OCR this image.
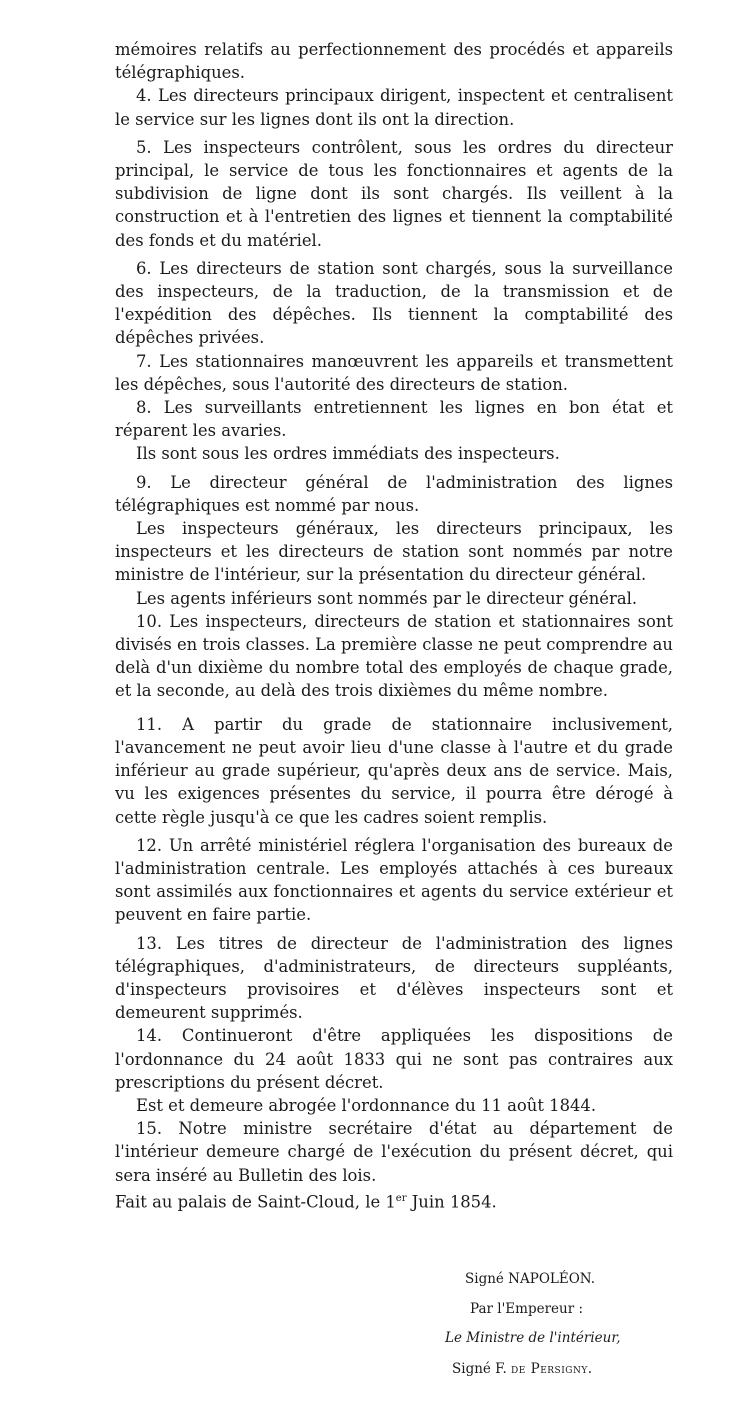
mémoires relatifs au perfectionnement des procédés et appareils télégraphiques.

4. Les directeurs principaux dirigent, inspectent et centralisent le service sur les lignes dont ils ont la direction.

5. Les inspecteurs contrôlent, sous les ordres du directeur principal, le service de tous les fonctionnaires et agents de la subdivision de ligne dont ils sont chargés. Ils veillent à la construction et à l'entretien des lignes et tiennent la comptabilité des fonds et du matériel.

6. Les directeurs de station sont chargés, sous la surveillance des inspecteurs, de la traduction, de la transmission et de l'expédition des dépêches. Ils tiennent la comptabilité des dépêches privées.

7. Les stationnaires manœuvrent les appareils et transmettent les dépêches, sous l'autorité des directeurs de station.

8. Les surveillants entretiennent les lignes en bon état et réparent les avaries.

Ils sont sous les ordres immédiats des inspecteurs.

9. Le directeur général de l'administration des lignes télégraphiques est nommé par nous.

Les inspecteurs généraux, les directeurs principaux, les inspecteurs et les directeurs de station sont nommés par notre ministre de l'intérieur, sur la présentation du directeur général.

Les agents inférieurs sont nommés par le directeur général.

10. Les inspecteurs, directeurs de station et stationnaires sont divisés en trois classes. La première classe ne peut comprendre au delà d'un dixième du nombre total des employés de chaque grade, et la seconde, au delà des trois dixièmes du même nombre.

11. A partir du grade de stationnaire inclusivement, l'avancement ne peut avoir lieu d'une classe à l'autre et du grade inférieur au grade supérieur, qu'après deux ans de service. Mais, vu les exigences présentes du service, il pourra être dérogé à cette règle jusqu'à ce que les cadres soient remplis.

12. Un arrêté ministériel réglera l'organisation des bureaux de l'administration centrale. Les employés attachés à ces bureaux sont assimilés aux fonctionnaires et agents du service extérieur et peuvent en faire partie.

13. Les titres de directeur de l'administration des lignes télégraphiques, d'administrateurs, de directeurs suppléants, d'inspecteurs provisoires et d'élèves inspecteurs sont et demeurent supprimés.

14. Continueront d'être appliquées les dispositions de l'ordonnance du 24 août 1833 qui ne sont pas contraires aux prescriptions du présent décret.

Est et demeure abrogée l'ordonnance du 11 août 1844.

15. Notre ministre secrétaire d'état au département de l'intérieur demeure chargé de l'exécution du présent décret, qui sera inséré au Bulletin des lois.

Fait au palais de Saint-Cloud, le 1er Juin 1854.

Signé NAPOLÉON.
Par l'Empereur :
Le Ministre de l'intérieur,
Signé F. de Persigny.
